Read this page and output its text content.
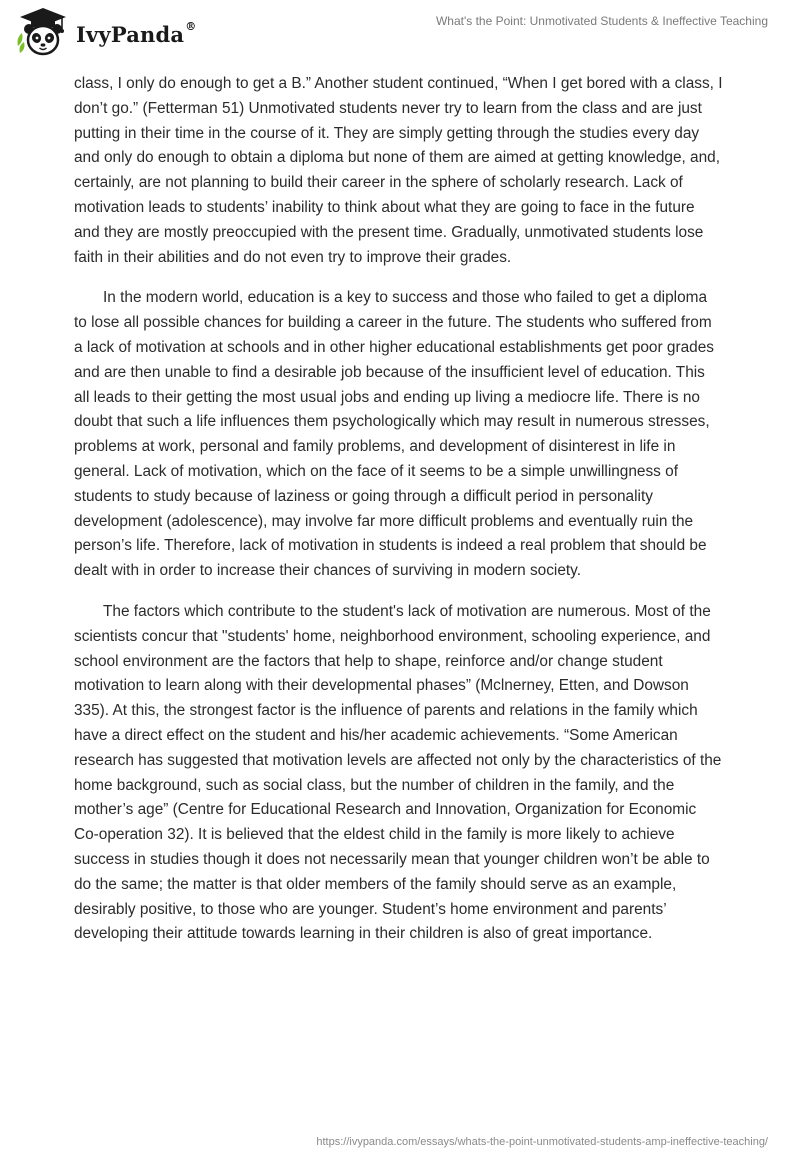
IvyPanda®	What's the Point: Unmotivated Students & Ineffective Teaching

class, I only do enough to get a B.” Another student continued, “When I get bored with a class, I don’t go.” (Fetterman 51) Unmotivated students never try to learn from the class and are just putting in their time in the course of it. They are simply getting through the studies every day and only do enough to obtain a diploma but none of them are aimed at getting knowledge, and, certainly, are not planning to build their career in the sphere of scholarly research. Lack of motivation leads to students’ inability to think about what they are going to face in the future and they are mostly preoccupied with the present time. Gradually, unmotivated students lose faith in their abilities and do not even try to improve their grades.

In the modern world, education is a key to success and those who failed to get a diploma to lose all possible chances for building a career in the future. The students who suffered from a lack of motivation at schools and in other higher educational establishments get poor grades and are then unable to find a desirable job because of the insufficient level of education. This all leads to their getting the most usual jobs and ending up living a mediocre life. There is no doubt that such a life influences them psychologically which may result in numerous stresses, problems at work, personal and family problems, and development of disinterest in life in general. Lack of motivation, which on the face of it seems to be a simple unwillingness of students to study because of laziness or going through a difficult period in personality development (adolescence), may involve far more difficult problems and eventually ruin the person’s life. Therefore, lack of motivation in students is indeed a real problem that should be dealt with in order to increase their chances of surviving in modern society.

The factors which contribute to the student's lack of motivation are numerous. Most of the scientists concur that "students' home, neighborhood environment, schooling experience, and school environment are the factors that help to shape, reinforce and/or change student motivation to learn along with their developmental phases” (Mclnerney, Etten, and Dowson 335). At this, the strongest factor is the influence of parents and relations in the family which have a direct effect on the student and his/her academic achievements. “Some American research has suggested that motivation levels are affected not only by the characteristics of the home background, such as social class, but the number of children in the family, and the mother’s age” (Centre for Educational Research and Innovation, Organization for Economic Co-operation 32). It is believed that the eldest child in the family is more likely to achieve success in studies though it does not necessarily mean that younger children won’t be able to do the same; the matter is that older members of the family should serve as an example, desirably positive, to those who are younger. Student’s home environment and parents’ developing their attitude towards learning in their children is also of great importance.

https://ivypanda.com/essays/whats-the-point-unmotivated-students-amp-ineffective-teaching/
